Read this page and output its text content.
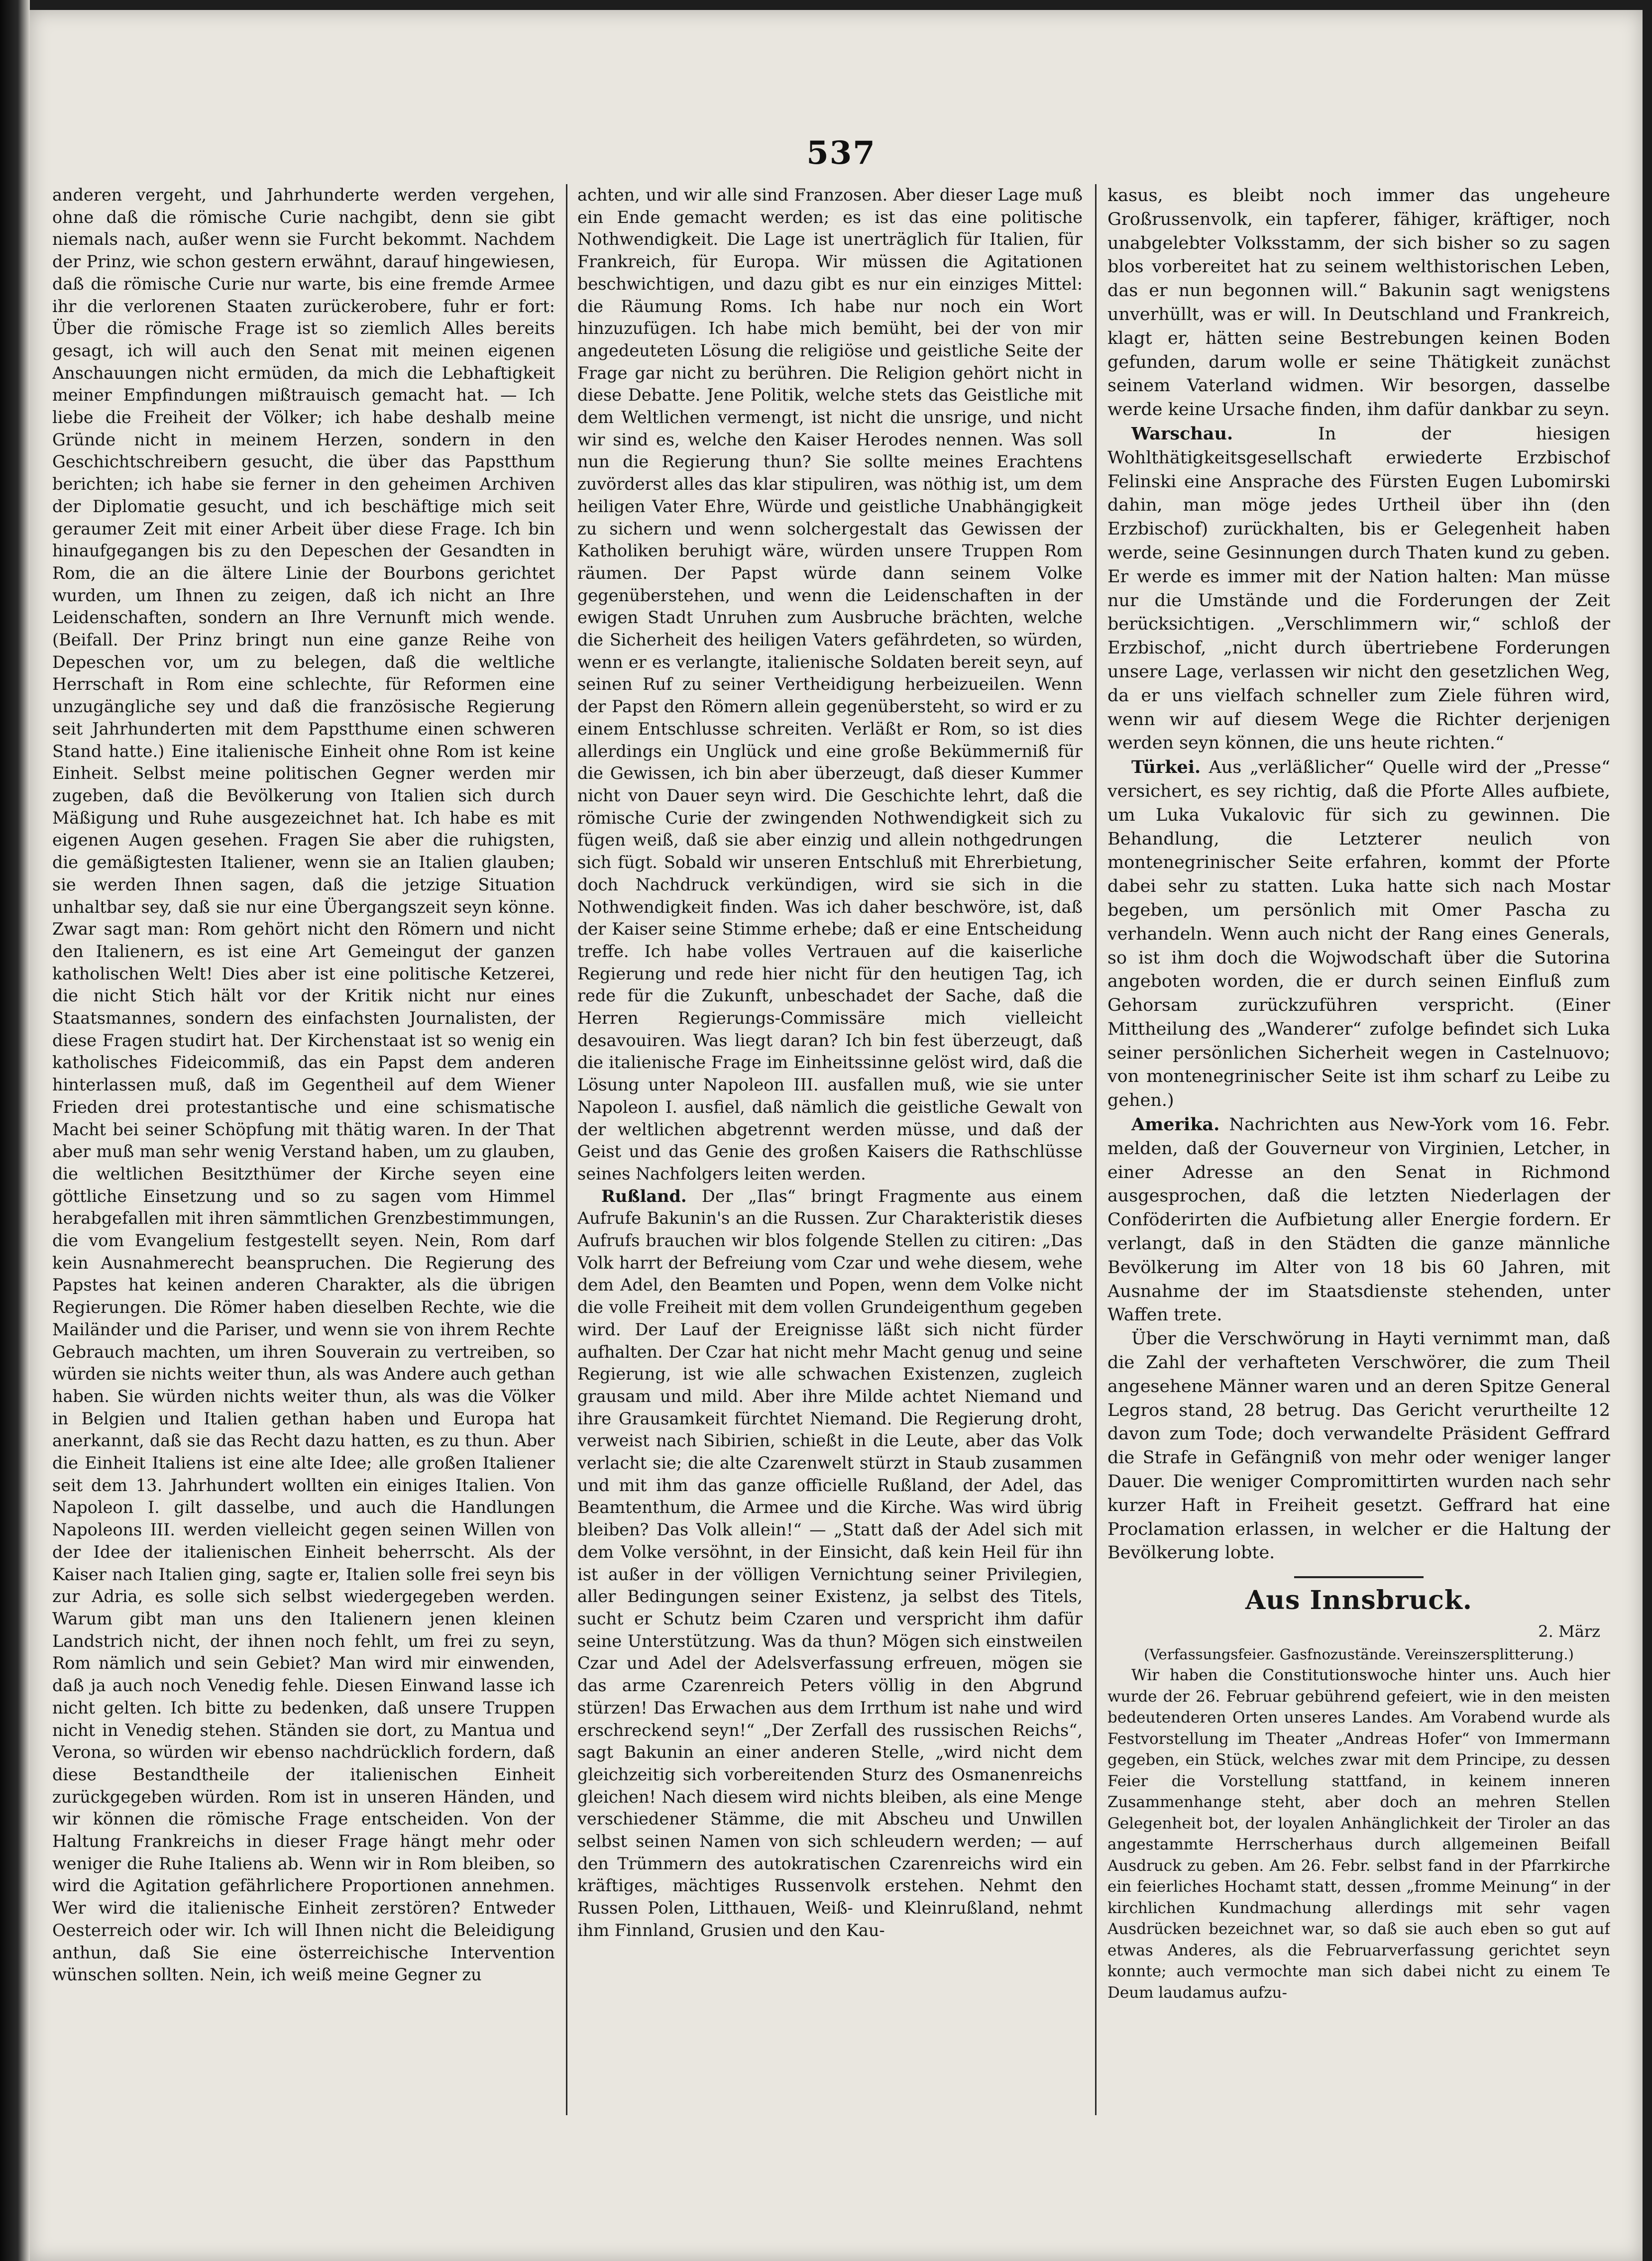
537

anderen vergeht, und Jahrhunderte werden vergehen, ohne daß die römische Curie nachgibt, denn sie gibt niemals nach, außer wenn sie Furcht bekommt. Nachdem der Prinz, wie schon gestern erwähnt, darauf hingewiesen, daß die römische Curie nur warte, bis eine fremde Armee ihr die verlorenen Staaten zurückerobere, fuhr er fort: Über die römische Frage ist so ziemlich Alles bereits gesagt, ich will auch den Senat mit meinen eigenen Anschauungen nicht ermüden, da mich die Lebhaftigkeit meiner Empfindungen mißtrauisch gemacht hat. — Ich liebe die Freiheit der Völker; ich habe deshalb meine Gründe nicht in meinem Herzen, sondern in den Geschichtschreibern gesucht, die über das Papstthum berichten; ich habe sie ferner in den geheimen Archiven der Diplomatie gesucht, und ich beschäftige mich seit geraumer Zeit mit einer Arbeit über diese Frage. Ich bin hinaufgegangen bis zu den Depeschen der Gesandten in Rom, die an die ältere Linie der Bourbons gerichtet wurden, um Ihnen zu zeigen, daß ich nicht an Ihre Leidenschaften, sondern an Ihre Vernunft mich wende. (Beifall. Der Prinz bringt nun eine ganze Reihe von Depeschen vor, um zu belegen, daß die weltliche Herrschaft in Rom eine schlechte, für Reformen eine unzugängliche sey und daß die französische Regierung seit Jahrhunderten mit dem Papstthume einen schweren Stand hatte.) Eine italienische Einheit ohne Rom ist keine Einheit. Selbst meine politischen Gegner werden mir zugeben, daß die Bevölkerung von Italien sich durch Mäßigung und Ruhe ausgezeichnet hat. Ich habe es mit eigenen Augen gesehen. Fragen Sie aber die ruhigsten, die gemäßigtesten Italiener, wenn sie an Italien glauben; sie werden Ihnen sagen, daß die jetzige Situation unhaltbar sey, daß sie nur eine Übergangszeit seyn könne. Zwar sagt man: Rom gehört nicht den Römern und nicht den Italienern, es ist eine Art Gemeingut der ganzen katholischen Welt! Dies aber ist eine politische Ketzerei, die nicht Stich hält vor der Kritik nicht nur eines Staatsmannes, sondern des einfachsten Journalisten, der diese Fragen studirt hat. Der Kirchenstaat ist so wenig ein katholisches Fideicommiß, das ein Papst dem anderen hinterlassen muß, daß im Gegentheil auf dem Wiener Frieden drei protestantische und eine schismatische Macht bei seiner Schöpfung mit thätig waren. In der That aber muß man sehr wenig Verstand haben, um zu glauben, die weltlichen Besitzthümer der Kirche seyen eine göttliche Einsetzung und so zu sagen vom Himmel herabgefallen mit ihren sämmtlichen Grenzbestimmungen, die vom Evangelium festgestellt seyen. Nein, Rom darf kein Ausnahmerecht beanspruchen. Die Regierung des Papstes hat keinen anderen Charakter, als die übrigen Regierungen. Die Römer haben dieselben Rechte, wie die Mailänder und die Pariser, und wenn sie von ihrem Rechte Gebrauch machten, um ihren Souverain zu vertreiben, so würden sie nichts weiter thun, als was Andere auch gethan haben. Sie würden nichts weiter thun, als was die Völker in Belgien und Italien gethan haben und Europa hat anerkannt, daß sie das Recht dazu hatten, es zu thun. Aber die Einheit Italiens ist eine alte Idee; alle großen Italiener seit dem 13. Jahrhundert wollten ein einiges Italien. Von Napoleon I. gilt dasselbe, und auch die Handlungen Napoleons III. werden vielleicht gegen seinen Willen von der Idee der italienischen Einheit beherrscht. Als der Kaiser nach Italien ging, sagte er, Italien solle frei seyn bis zur Adria, es solle sich selbst wiedergegeben werden. Warum gibt man uns den Italienern jenen kleinen Landstrich nicht, der ihnen noch fehlt, um frei zu seyn, Rom nämlich und sein Gebiet? Man wird mir einwenden, daß ja auch noch Venedig fehle. Diesen Einwand lasse ich nicht gelten. Ich bitte zu bedenken, daß unsere Truppen nicht in Venedig stehen. Ständen sie dort, zu Mantua und Verona, so würden wir ebenso nachdrücklich fordern, daß diese Bestandtheile der italienischen Einheit zurückgegeben würden. Rom ist in unseren Händen, und wir können die römische Frage entscheiden. Von der Haltung Frankreichs in dieser Frage hängt mehr oder weniger die Ruhe Italiens ab. Wenn wir in Rom bleiben, so wird die Agitation gefährlichere Proportionen annehmen. Wer wird die italienische Einheit zerstören? Entweder Oesterreich oder wir. Ich will Ihnen nicht die Beleidigung anthun, daß Sie eine österreichische Intervention wünschen sollten. Nein, ich weiß meine Gegner zu

achten, und wir alle sind Franzosen. Aber dieser Lage muß ein Ende gemacht werden; es ist das eine politische Nothwendigkeit. Die Lage ist unerträglich für Italien, für Frankreich, für Europa. Wir müssen die Agitationen beschwichtigen, und dazu gibt es nur ein einziges Mittel: die Räumung Roms. Ich habe nur noch ein Wort hinzuzufügen. Ich habe mich bemüht, bei der von mir angedeuteten Lösung die religiöse und geistliche Seite der Frage gar nicht zu berühren. Die Religion gehört nicht in diese Debatte. Jene Politik, welche stets das Geistliche mit dem Weltlichen vermengt, ist nicht die unsrige, und nicht wir sind es, welche den Kaiser Herodes nennen. Was soll nun die Regierung thun? Sie sollte meines Erachtens zuvörderst alles das klar stipuliren, was nöthig ist, um dem heiligen Vater Ehre, Würde und geistliche Unabhängigkeit zu sichern und wenn solchergestalt das Gewissen der Katholiken beruhigt wäre, würden unsere Truppen Rom räumen. Der Papst würde dann seinem Volke gegenüberstehen, und wenn die Leidenschaften in der ewigen Stadt Unruhen zum Ausbruche brächten, welche die Sicherheit des heiligen Vaters gefährdeten, so würden, wenn er es verlangte, italienische Soldaten bereit seyn, auf seinen Ruf zu seiner Vertheidigung herbeizueilen. Wenn der Papst den Römern allein gegenübersteht, so wird er zu einem Entschlusse schreiten. Verläßt er Rom, so ist dies allerdings ein Unglück und eine große Bekümmerniß für die Gewissen, ich bin aber überzeugt, daß dieser Kummer nicht von Dauer seyn wird. Die Geschichte lehrt, daß die römische Curie der zwingenden Nothwendigkeit sich zu fügen weiß, daß sie aber einzig und allein nothgedrungen sich fügt. Sobald wir unseren Entschluß mit Ehrerbietung, doch Nachdruck verkündigen, wird sie sich in die Nothwendigkeit finden. Was ich daher beschwöre, ist, daß der Kaiser seine Stimme erhebe; daß er eine Entscheidung treffe. Ich habe volles Vertrauen auf die kaiserliche Regierung und rede hier nicht für den heutigen Tag, ich rede für die Zukunft, unbeschadet der Sache, daß die Herren Regierungs-Commissäre mich vielleicht desavouiren. Was liegt daran? Ich bin fest überzeugt, daß die italienische Frage im Einheitssinne gelöst wird, daß die Lösung unter Napoleon III. ausfallen muß, wie sie unter Napoleon I. ausfiel, daß nämlich die geistliche Gewalt von der weltlichen abgetrennt werden müsse, und daß der Geist und das Genie des großen Kaisers die Rathschlüsse seines Nachfolgers leiten werden.

Rußland. Der „Ilas“ bringt Fragmente aus einem Aufrufe Bakunin's an die Russen. Zur Charakteristik dieses Aufrufs brauchen wir blos folgende Stellen zu citiren: „Das Volk harrt der Befreiung vom Czar und wehe diesem, wehe dem Adel, den Beamten und Popen, wenn dem Volke nicht die volle Freiheit mit dem vollen Grundeigenthum gegeben wird. Der Lauf der Ereignisse läßt sich nicht fürder aufhalten. Der Czar hat nicht mehr Macht genug und seine Regierung, ist wie alle schwachen Existenzen, zugleich grausam und mild. Aber ihre Milde achtet Niemand und ihre Grausamkeit fürchtet Niemand. Die Regierung droht, verweist nach Sibirien, schießt in die Leute, aber das Volk verlacht sie; die alte Czarenwelt stürzt in Staub zusammen und mit ihm das ganze officielle Rußland, der Adel, das Beamtenthum, die Armee und die Kirche. Was wird übrig bleiben? Das Volk allein!“ — „Statt daß der Adel sich mit dem Volke versöhnt, in der Einsicht, daß kein Heil für ihn ist außer in der völligen Vernichtung seiner Privilegien, aller Bedingungen seiner Existenz, ja selbst des Titels, sucht er Schutz beim Czaren und verspricht ihm dafür seine Unterstützung. Was da thun? Mögen sich einstweilen Czar und Adel der Adelsverfassung erfreuen, mögen sie das arme Czarenreich Peters völlig in den Abgrund stürzen! Das Erwachen aus dem Irrthum ist nahe und wird erschreckend seyn!“ „Der Zerfall des russischen Reichs“, sagt Bakunin an einer anderen Stelle, „wird nicht dem gleichzeitig sich vorbereitenden Sturz des Osmanenreichs gleichen! Nach diesem wird nichts bleiben, als eine Menge verschiedener Stämme, die mit Abscheu und Unwillen selbst seinen Namen von sich schleudern werden; — auf den Trümmern des autokratischen Czarenreichs wird ein kräftiges, mächtiges Russenvolk erstehen. Nehmt den Russen Polen, Litthauen, Weiß- und Kleinrußland, nehmt ihm Finnland, Grusien und den Kau-

kasus, es bleibt noch immer das ungeheure Großrussenvolk, ein tapferer, fähiger, kräftiger, noch unabgelebter Volksstamm, der sich bisher so zu sagen blos vorbereitet hat zu seinem welthistorischen Leben, das er nun begonnen will.“ Bakunin sagt wenigstens unverhüllt, was er will. In Deutschland und Frankreich, klagt er, hätten seine Bestrebungen keinen Boden gefunden, darum wolle er seine Thätigkeit zunächst seinem Vaterland widmen. Wir besorgen, dasselbe werde keine Ursache finden, ihm dafür dankbar zu seyn.

Warschau. In der hiesigen Wohlthätigkeitsgesellschaft erwiederte Erzbischof Felinski eine Ansprache des Fürsten Eugen Lubomirski dahin, man möge jedes Urtheil über ihn (den Erzbischof) zurückhalten, bis er Gelegenheit haben werde, seine Gesinnungen durch Thaten kund zu geben. Er werde es immer mit der Nation halten: Man müsse nur die Umstände und die Forderungen der Zeit berücksichtigen. „Verschlimmern wir,“ schloß der Erzbischof, „nicht durch übertriebene Forderungen unsere Lage, verlassen wir nicht den gesetzlichen Weg, da er uns vielfach schneller zum Ziele führen wird, wenn wir auf diesem Wege die Richter derjenigen werden seyn können, die uns heute richten.“

Türkei. Aus „verläßlicher“ Quelle wird der „Presse“ versichert, es sey richtig, daß die Pforte Alles aufbiete, um Luka Vukalovic für sich zu gewinnen. Die Behandlung, die Letzterer neulich von montenegrinischer Seite erfahren, kommt der Pforte dabei sehr zu statten. Luka hatte sich nach Mostar begeben, um persönlich mit Omer Pascha zu verhandeln. Wenn auch nicht der Rang eines Generals, so ist ihm doch die Wojwodschaft über die Sutorina angeboten worden, die er durch seinen Einfluß zum Gehorsam zurückzuführen verspricht. (Einer Mittheilung des „Wanderer“ zufolge befindet sich Luka seiner persönlichen Sicherheit wegen in Castelnuovo; von montenegrinischer Seite ist ihm scharf zu Leibe zu gehen.)

Amerika. Nachrichten aus New-York vom 16. Febr. melden, daß der Gouverneur von Virginien, Letcher, in einer Adresse an den Senat in Richmond ausgesprochen, daß die letzten Niederlagen der Conföderirten die Aufbietung aller Energie fordern. Er verlangt, daß in den Städten die ganze männliche Bevölkerung im Alter von 18 bis 60 Jahren, mit Ausnahme der im Staatsdienste stehenden, unter Waffen trete.

Über die Verschwörung in Hayti vernimmt man, daß die Zahl der verhafteten Verschwörer, die zum Theil angesehene Männer waren und an deren Spitze General Legros stand, 28 betrug. Das Gericht verurtheilte 12 davon zum Tode; doch verwandelte Präsident Geffrard die Strafe in Gefängniß von mehr oder weniger langer Dauer. Die weniger Compromittirten wurden nach sehr kurzer Haft in Freiheit gesetzt. Geffrard hat eine Proclamation erlassen, in welcher er die Haltung der Bevölkerung lobte.

Aus Innsbruck.
2. März
(Verfassungsfeier. Gasfnozustände. Vereinszersplitterung.)

Wir haben die Constitutionswoche hinter uns. Auch hier wurde der 26. Februar gebührend gefeiert, wie in den meisten bedeutenderen Orten unseres Landes. Am Vorabend wurde als Festvorstellung im Theater „Andreas Hofer“ von Immermann gegeben, ein Stück, welches zwar mit dem Principe, zu dessen Feier die Vorstellung stattfand, in keinem inneren Zusammenhange steht, aber doch an mehren Stellen Gelegenheit bot, der loyalen Anhänglichkeit der Tiroler an das angestammte Herrscherhaus durch allgemeinen Beifall Ausdruck zu geben. Am 26. Febr. selbst fand in der Pfarrkirche ein feierliches Hochamt statt, dessen „fromme Meinung“ in der kirchlichen Kundmachung allerdings mit sehr vagen Ausdrücken bezeichnet war, so daß sie auch eben so gut auf etwas Anderes, als die Februarverfassung gerichtet seyn konnte; auch vermochte man sich dabei nicht zu einem Te Deum laudamus aufzu-
